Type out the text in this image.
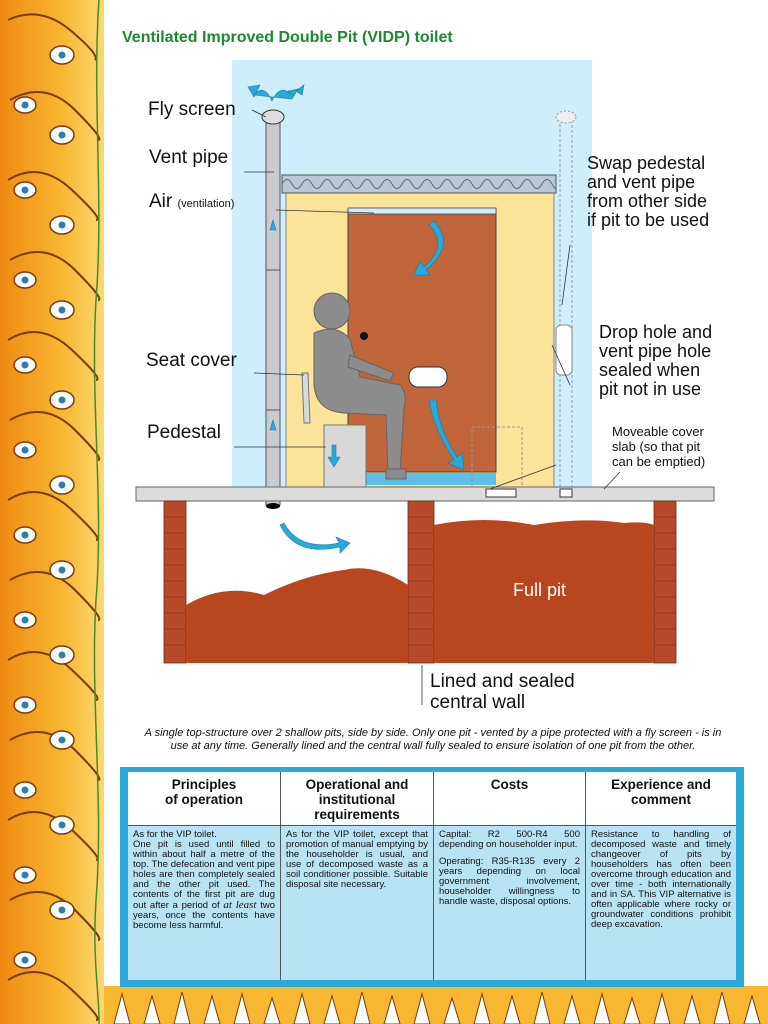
Ventilated Improved Double Pit (VIDP) toilet
Fly screen
Vent pipe
Air (ventilation)
Seat cover
Pedestal
Swap pedestal
and vent pipe
from other side
if pit to be used
Drop hole and
vent pipe hole
sealed when
pit not in use
Moveable cover
slab (so that pit
can be emptied)
Full pit
Lined and sealed
central wall
A single top-structure over 2 shallow pits, side by side. Only one pit - vented by a pipe protected with a fly screen - is in
use at any time. Generally lined and the central wall fully sealed to ensure isolation of one pit from the other.
Principles
of operation

As for the VIP toilet.
One pit is used until filled to within about half a metre of the top. The defecation and vent pipe holes are then completely sealed and the other pit used. The contents of the first pit are dug out after a period of at least two years, once the contents have become less harmful.

Operational and
institutional
requirements

As for the VIP toilet, except that promotion of manual emptying by the householder is usual, and use of decomposed waste as a soil conditioner possible. Suitable disposal site necessary.

Costs

Capital: R2 500-R4 500 depending on householder input.

Operating: R35-R135 every 2 years depending on local government involvement, householder willingness to handle waste, disposal options.

Experience and
comment

Resistance to handling of decomposed waste and timely changeover of pits by householders has often been overcome through education and over time - both internationally and in SA. This VIP alternative is often applicable where rocky or groundwater conditions prohibit deep excavation.
